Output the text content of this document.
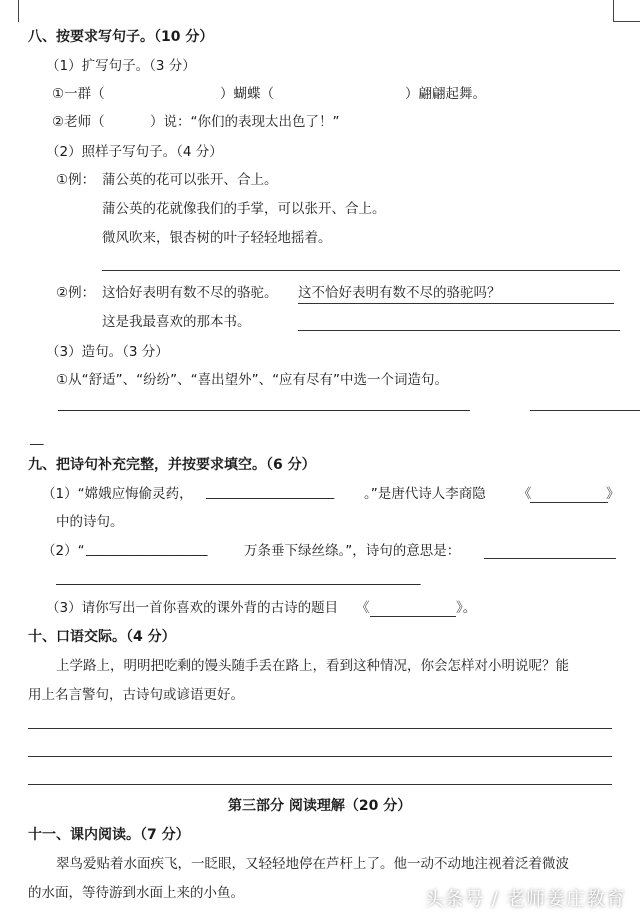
八、按要求写句子。（10 分）
（1）扩写句子。（3 分）
①一群（	）蝴蝶（	）翩翩起舞。
②老师（	）说：“你们的表现太出色了！”
（2）照样子写句子。（4 分）
①例： 蒲公英的花可以张开、合上。
蒲公英的花就像我们的手掌，可以张开、合上。
微风吹来，银杏树的叶子轻轻地摇着。
②例： 这恰好表明有数不尽的骆驼。 这不恰好表明有数不尽的骆驼吗？
这是我最喜欢的那本书。
（3）造句。（3 分）
①从“舒适”、“纷纷”、“喜出望外”、“应有尽有”中选一个词造句。
_____________________________________________________________
__
九、把诗句补充完整，并按要求填空。（6 分）
（1）“嫦娥应悔偷灵药， ___________________	。”是唐代诗人李商隐 《	》
中的诗句。
（2）“ __________________	万条垂下绿丝绦。”，诗句的意思是：
______________________________________________________
（3）请你写出一首你喜欢的课外背的古诗的题目 《	》。
十、口语交际。（4 分）
上学路上，明明把吃剩的馒头随手丢在路上，看到这种情况，你会怎样对小明说呢？能
用上名言警句，古诗句或谚语更好。
第三部分 阅读理解（20 分）
十一、课内阅读。（7 分）
翠鸟爱贴着水面疾飞，一眨眼，又轻轻地停在芦杆上了。他一动不动地注视着泛着微波
的水面，等待游到水面上来的小鱼。	头条号 / 老师姜庄教育
